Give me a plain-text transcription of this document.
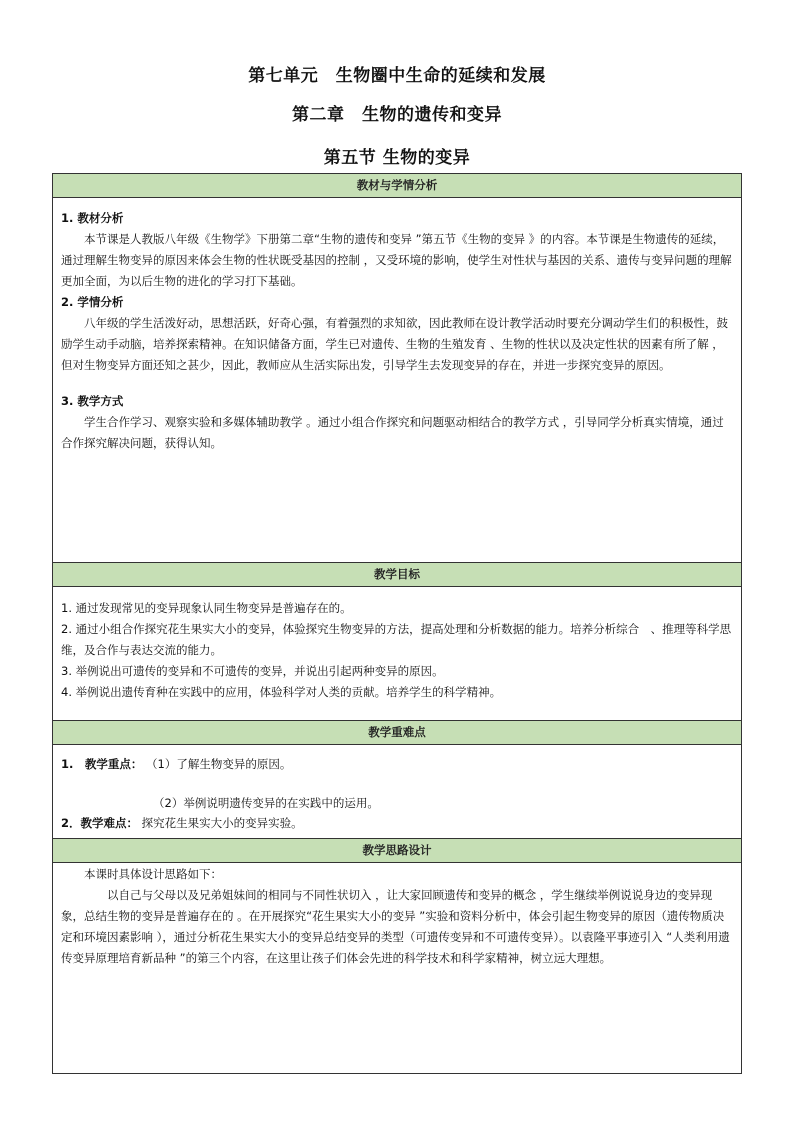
第七单元　生物圈中生命的延续和发展
第二章　生物的遗传和变异
第五节 生物的变异
教材与学情分析

1. 教材分析

本节课是人教版八年级《生物学》下册第二章“生物的遗传和变异 ”第五节《生物的变异 》的内容。本节课是生物遗传的延续，通过理解生物变异的原因来体会生物的性状既受基因的控制 ，又受环境的影响，使学生对性状与基因的关系、遗传与变异问题的理解更加全面，为以后生物的进化的学习打下基础。

2. 学情分析

八年级的学生活泼好动，思想活跃，好奇心强，有着强烈的求知欲，因此教师在设计教学活动时要充分调动学生们的积极性，鼓励学生动手动脑，培养探索精神。在知识储备方面，学生已对遗传、生物的生殖发育 、生物的性状以及决定性状的因素有所了解 ，但对生物变异方面还知之甚少，因此，教师应从生活实际出发，引导学生去发现变异的存在，并进一步探究变异的原因。

3. 教学方式

学生合作学习、观察实验和多媒体辅助教学 。通过小组合作探究和问题驱动相结合的教学方式 ，引导同学分析真实情境，通过合作探究解决问题，获得认知。

教学目标

1. 通过发现常见的变异现象认同生物变异是普遍存在的。

2. 通过小组合作探究花生果实大小的变异，体验探究生物变异的方法，提高处理和分析数据的能力。培养分析综合　、推理等科学思维，及合作与表达交流的能力。

3. 举例说出可遗传的变异和不可遗传的变异，并说出引起两种变异的原因。

4. 举例说出遗传育种在实践中的应用，体验科学对人类的贡献。培养学生的科学精神。

教学重难点

1.　教学重点： （1）了解生物变异的原因。

（2）举例说明遗传变异的在实践中的运用。

2．教学难点： 探究花生果实大小的变异实验。

教学思路设计

本课时具体设计思路如下：

以自己与父母以及兄弟姐妹间的相同与不同性状切入 ，让大家回顾遗传和变异的概念 ，学生继续举例说说身边的变异现象，总结生物的变异是普遍存在的 。在开展探究“花生果实大小的变异 ”实验和资料分析中，体会引起生物变异的原因（遗传物质决定和环境因素影响 ），通过分析花生果实大小的变异总结变异的类型（可遗传变异和不可遗传变异）。以袁隆平事迹引入 “人类利用遗传变异原理培育新品种 ”的第三个内容，在这里让孩子们体会先进的科学技术和科学家精神，树立远大理想。
